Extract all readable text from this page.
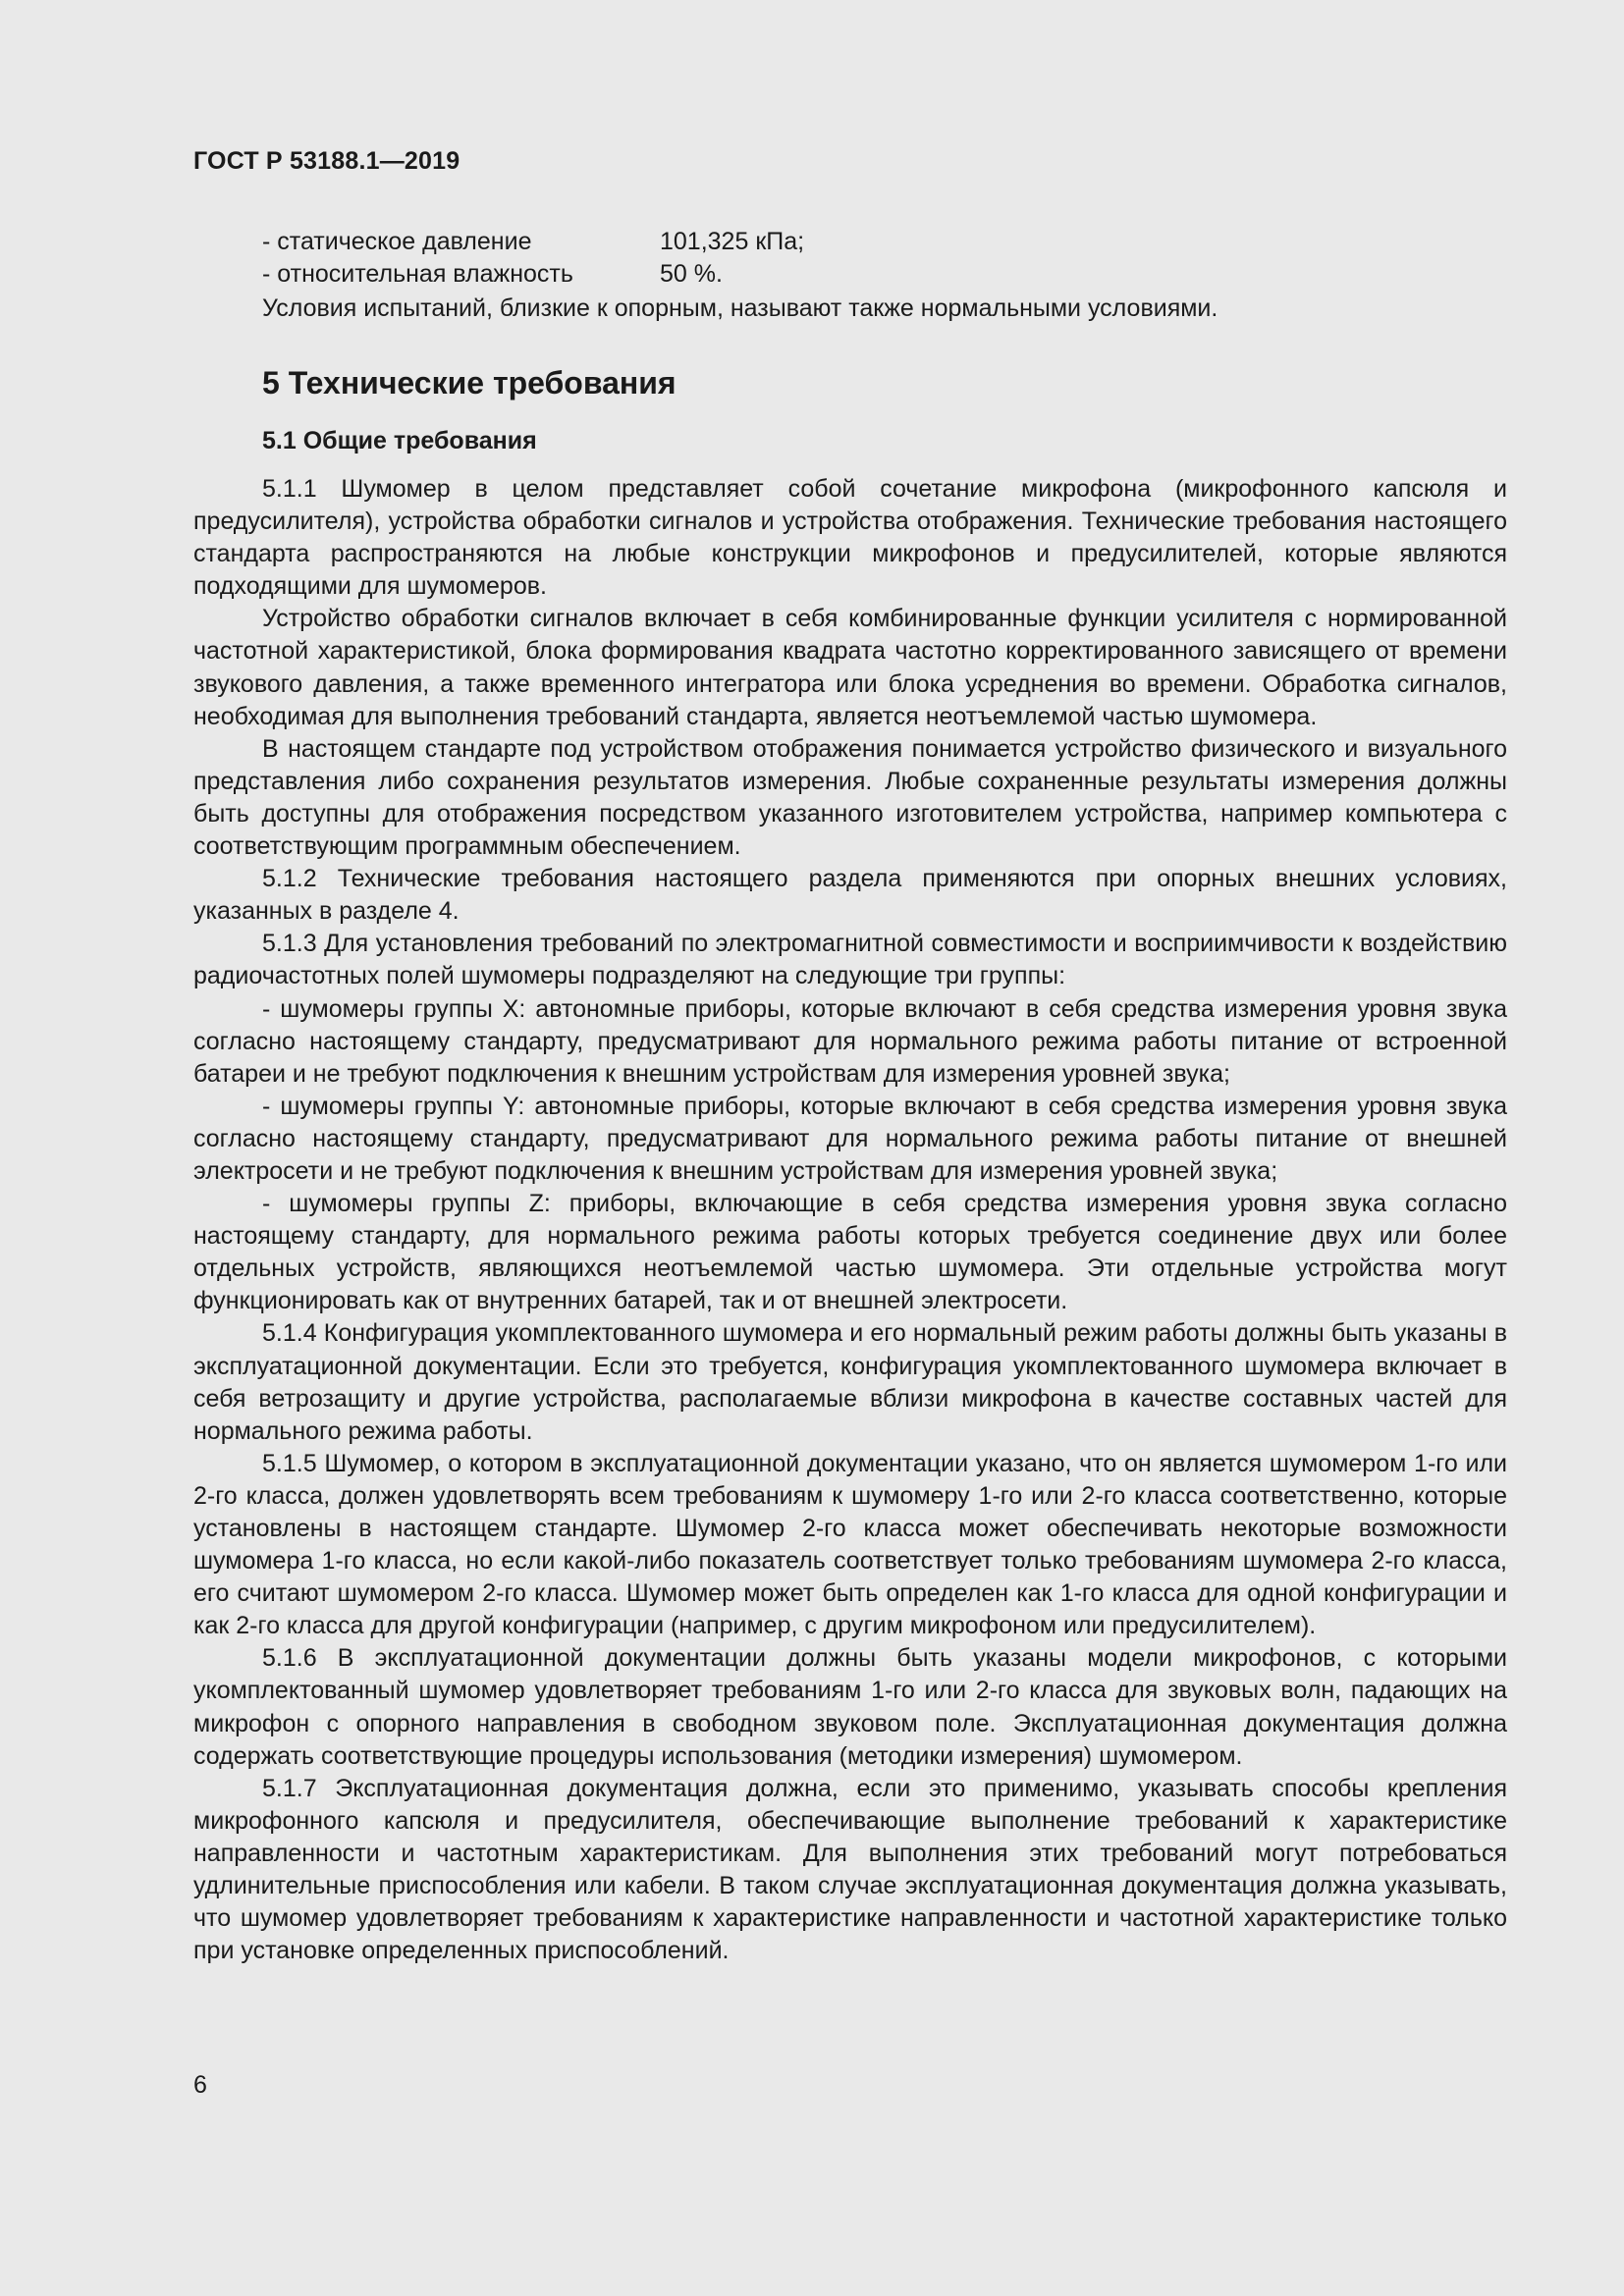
ГОСТ Р 53188.1—2019
- статическое давление	101,325 кПа;
- относительная влажность	50 %.
Условия испытаний, близкие к опорным, называют также нормальными условиями.
5 Технические требования
5.1 Общие требования

5.1.1 Шумомер в целом представляет собой сочетание микрофона (микрофонного капсюля и предусилителя), устройства обработки сигналов и устройства отображения. Технические требования настоящего стандарта распространяются на любые конструкции микрофонов и предусилителей, которые являются подходящими для шумомеров.

Устройство обработки сигналов включает в себя комбинированные функции усилителя с нормированной частотной характеристикой, блока формирования квадрата частотно корректированного зависящего от времени звукового давления, а также временного интегратора или блока усреднения во времени. Обработка сигналов, необходимая для выполнения требований стандарта, является неотъемлемой частью шумомера.

В настоящем стандарте под устройством отображения понимается устройство физического и визуального представления либо сохранения результатов измерения. Любые сохраненные результаты измерения должны быть доступны для отображения посредством указанного изготовителем устройства, например компьютера с соответствующим программным обеспечением.

5.1.2 Технические требования настоящего раздела применяются при опорных внешних условиях, указанных в разделе 4.

5.1.3 Для установления требований по электромагнитной совместимости и восприимчивости к воздействию радиочастотных полей шумомеры подразделяют на следующие три группы:

- шумомеры группы X: автономные приборы, которые включают в себя средства измерения уровня звука согласно настоящему стандарту, предусматривают для нормального режима работы питание от встроенной батареи и не требуют подключения к внешним устройствам для измерения уровней звука;

- шумомеры группы Y: автономные приборы, которые включают в себя средства измерения уровня звука согласно настоящему стандарту, предусматривают для нормального режима работы питание от внешней электросети и не требуют подключения к внешним устройствам для измерения уровней звука;

- шумомеры группы Z: приборы, включающие в себя средства измерения уровня звука согласно настоящему стандарту, для нормального режима работы которых требуется соединение двух или более отдельных устройств, являющихся неотъемлемой частью шумомера. Эти отдельные устройства могут функционировать как от внутренних батарей, так и от внешней электросети.

5.1.4 Конфигурация укомплектованного шумомера и его нормальный режим работы должны быть указаны в эксплуатационной документации. Если это требуется, конфигурация укомплектованного шумомера включает в себя ветрозащиту и другие устройства, располагаемые вблизи микрофона в качестве составных частей для нормального режима работы.

5.1.5 Шумомер, о котором в эксплуатационной документации указано, что он является шумомером 1-го или 2-го класса, должен удовлетворять всем требованиям к шумомеру 1-го или 2-го класса соответственно, которые установлены в настоящем стандарте. Шумомер 2-го класса может обеспечивать некоторые возможности шумомера 1-го класса, но если какой-либо показатель соответствует только требованиям шумомера 2-го класса, его считают шумомером 2-го класса. Шумомер может быть определен как 1-го класса для одной конфигурации и как 2-го класса для другой конфигурации (например, с другим микрофоном или предусилителем).

5.1.6 В эксплуатационной документации должны быть указаны модели микрофонов, с которыми укомплектованный шумомер удовлетворяет требованиям 1-го или 2-го класса для звуковых волн, падающих на микрофон с опорного направления в свободном звуковом поле. Эксплуатационная документация должна содержать соответствующие процедуры использования (методики измерения) шумомером.

5.1.7 Эксплуатационная документация должна, если это применимо, указывать способы крепления микрофонного капсюля и предусилителя, обеспечивающие выполнение требований к характеристике направленности и частотным характеристикам. Для выполнения этих требований могут потребоваться удлинительные приспособления или кабели. В таком случае эксплуатационная документация должна указывать, что шумомер удовлетворяет требованиям к характеристике направленности и частотной характеристике только при установке определенных приспособлений.

6
